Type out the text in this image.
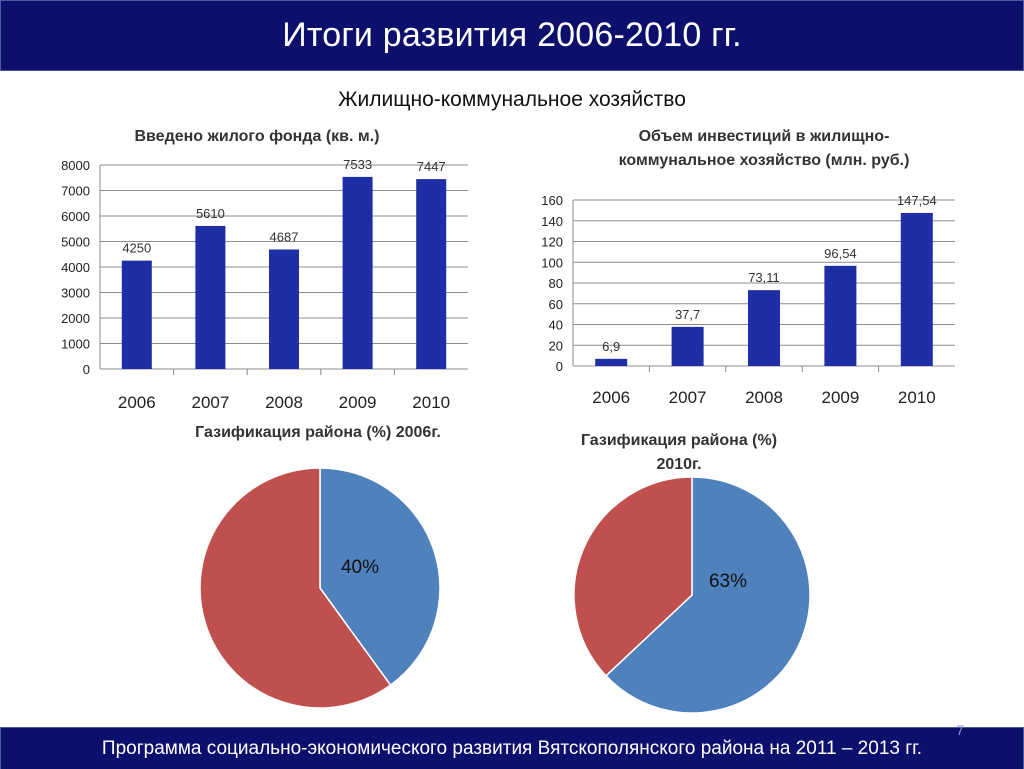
Итоги развития 2006-2010 гг.
Жилищно-коммунальное хозяйство
Введено жилого фонда (кв. м.)
0
1000
2000
3000
4000
5000
6000
7000
8000
4250
2006
5610
2007
4687
2008
7533
2009
7447
2010
Объем инвестиций в жилищно-
коммунальное хозяйство (млн. руб.)
0
20
40
60
80
100
120
140
160
6,9
2006
37,7
2007
73,11
2008
96,54
2009
147,54
2010
Газификация района (%) 2006г.
40%
Газификация района (%)
2010г.
63%
Программа социально-экономического развития Вятскополянского района на 2011 – 2013 гг.
7
